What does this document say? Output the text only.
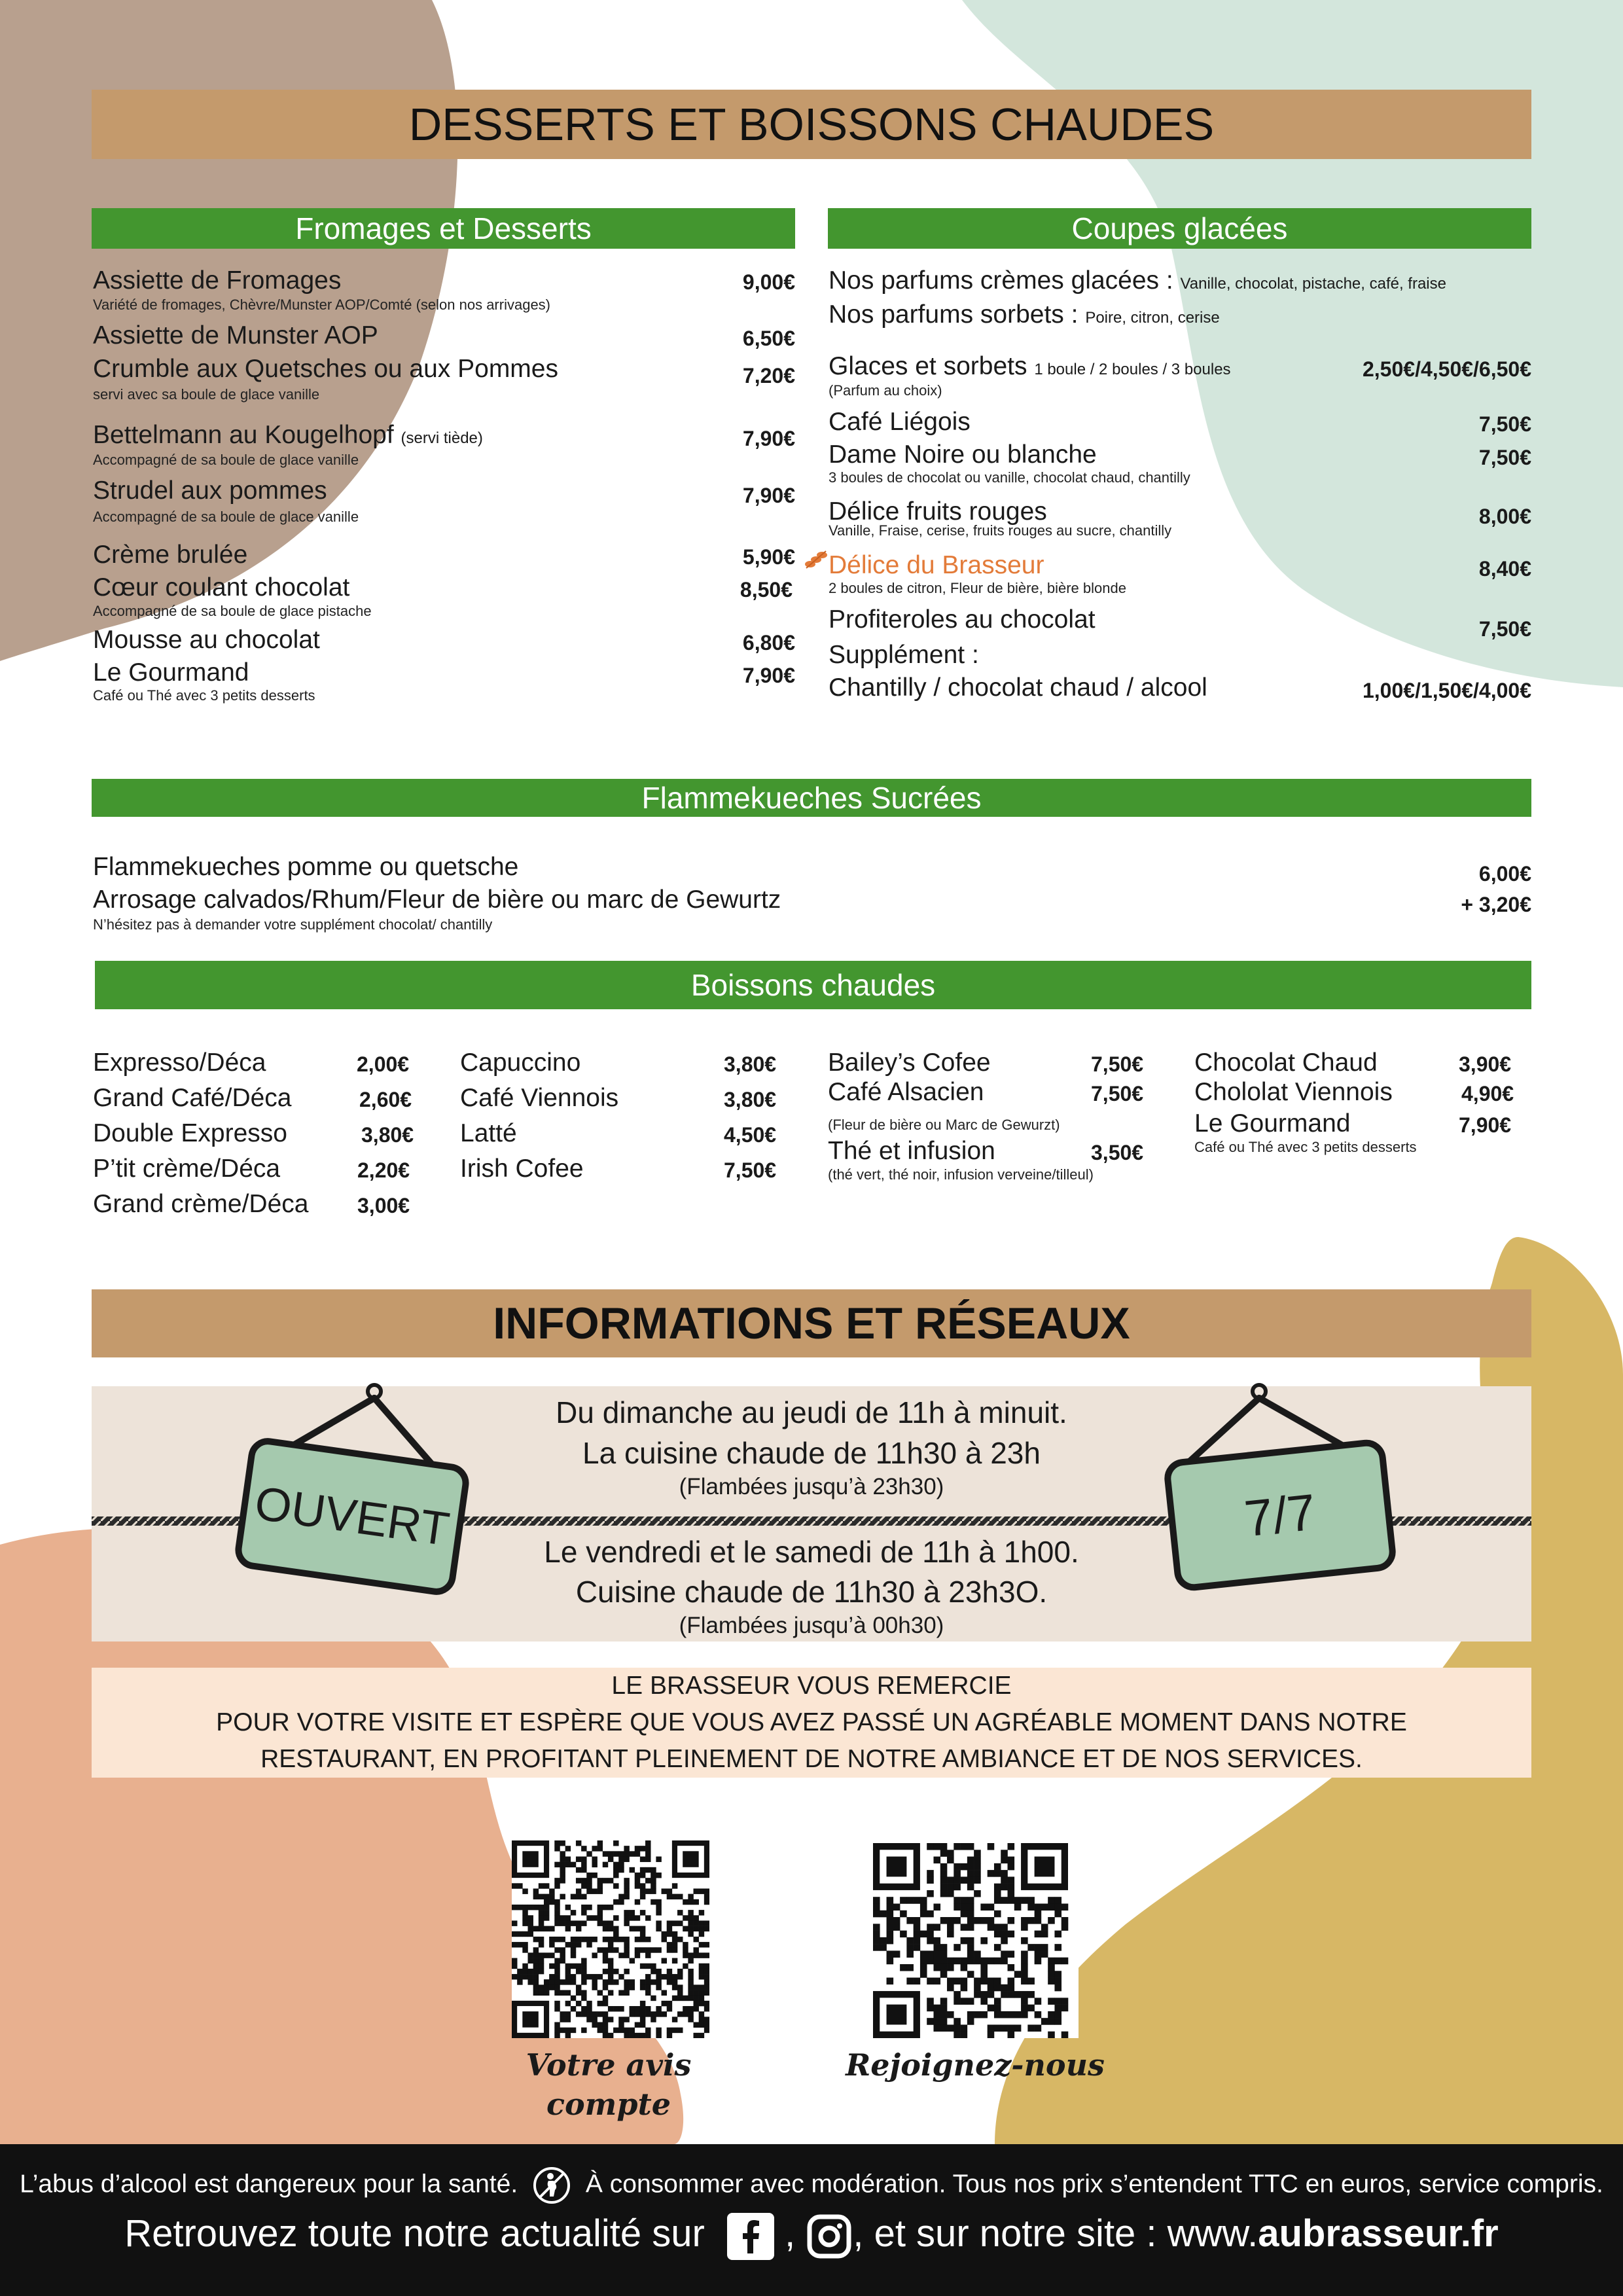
DESSERTS ET BOISSONS CHAUDES
Fromages et Desserts
Assiette de Fromages	9,00€
Variété de fromages, Chèvre/Munster AOP/Comté (selon nos arrivages)
Assiette de Munster AOP	6,50€
Crumble aux Quetsches ou aux Pommes	7,20€
servi avec sa boule de glace vanille
Bettelmann au Kougelhopf (servi tiède)	7,90€
Accompagné de sa boule de glace vanille
Strudel aux pommes	7,90€
Accompagné de sa boule de glace vanille
Crème brulée	5,90€
Cœur coulant chocolat	8,50€
Accompagné de sa boule de glace pistache
Mousse au chocolat	6,80€
Le Gourmand	7,90€
Café ou Thé avec 3 petits desserts
Coupes glacées
Nos parfums crèmes glacées : Vanille, chocolat, pistache, café, fraise
Nos parfums sorbets : Poire, citron, cerise
Glaces et sorbets 1 boule / 2 boules / 3 boules	2,50€/4,50€/6,50€
(Parfum au choix)
Café Liégois	7,50€
Dame Noire ou blanche	7,50€
3 boules de chocolat ou vanille, chocolat chaud, chantilly
Délice fruits rouges	8,00€
Vanille, Fraise, cerise, fruits rouges au sucre, chantilly
Délice du Brasseur	8,40€
2 boules de citron, Fleur de bière, bière blonde
Profiteroles au chocolat	7,50€
Supplément :
Chantilly / chocolat chaud / alcool	1,00€/1,50€/4,00€
Flammekueches Sucrées
Flammekueches pomme ou quetsche	6,00€
Arrosage calvados/Rhum/Fleur de bière ou marc de Gewurtz	+ 3,20€
N’hésitez pas à demander votre supplément chocolat/ chantilly
Boissons chaudes
Expresso/Déca	2,00€
Grand Café/Déca	2,60€
Double Expresso	3,80€
P’tit crème/Déca	2,20€
Grand crème/Déca 3,00€
Capuccino	3,80€
Café Viennois	3,80€
Latté	4,50€
Irish Cofee	7,50€
Bailey’s Cofee	7,50€
Café Alsacien	7,50€
(Fleur de bière ou Marc de Gewurzt)
Thé et infusion	3,50€
(thé vert, thé noir, infusion verveine/tilleul)
Chocolat Chaud	3,90€
Chololat Viennois	4,90€
Le Gourmand	7,90€
Café ou Thé avec 3 petits desserts
INFORMATIONS ET RÉSEAUX
Du dimanche au jeudi de 11h à minuit.
La cuisine chaude de 11h30 à 23h
(Flambées jusqu’à 23h30)
Le vendredi et le samedi de 11h à 1h00.
Cuisine chaude de 11h30 à 23h3O.
(Flambées jusqu’à 00h30)
OUVERT	7/7
LE BRASSEUR VOUS REMERCIE
POUR VOTRE VISITE ET ESPÈRE QUE VOUS AVEZ PASSÉ UN AGRÉABLE MOMENT DANS NOTRE
RESTAURANT, EN PROFITANT PLEINEMENT DE NOTRE AMBIANCE ET DE NOS SERVICES.
Votre avis compte
Rejoignez-nous
L’abus d’alcool est dangereux pour la santé.	À consommer avec modération. Tous nos prix s’entendent TTC en euros, service compris.
Retrouvez toute notre actualité sur , , et sur notre site : www.aubrasseur.fr
